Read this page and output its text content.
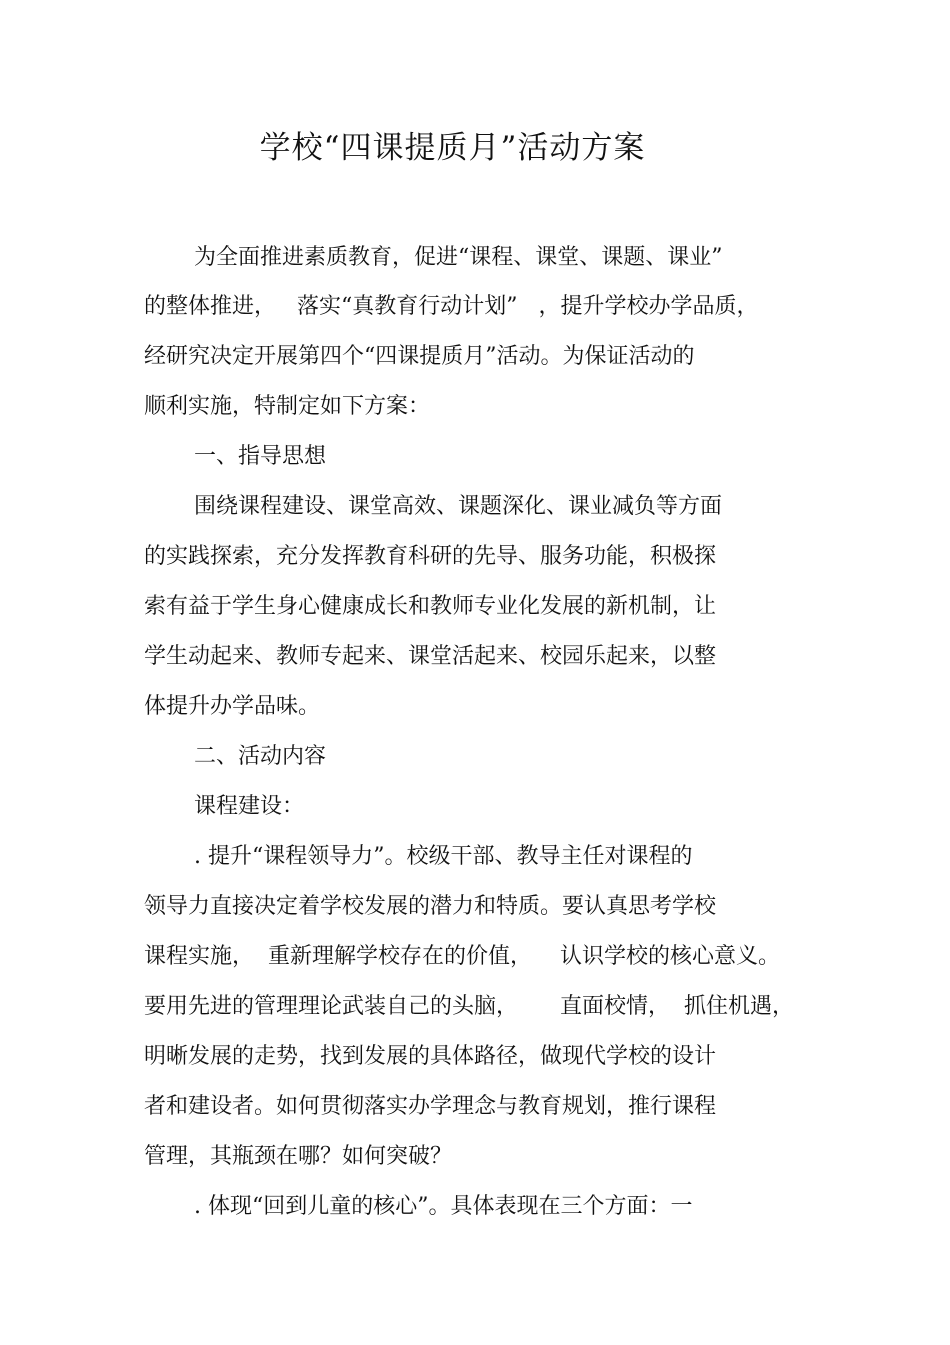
学校“四课提质月”活动方案
为全面推进素质教育，促进“课程、课堂、课题、课业”
的整体推进，   落实“真教育行动计划”   ，提升学校办学品质，
经研究决定开展第四个“四课提质月”活动。为保证活动的
顺利实施，特制定如下方案：
一、指导思想
围绕课程建设、课堂高效、课题深化、课业减负等方面
的实践探索，充分发挥教育科研的先导、服务功能，积极探
索有益于学生身心健康成长和教师专业化发展的新机制，让
学生动起来、教师专起来、课堂活起来、校园乐起来，以整
体提升办学品味。
二、活动内容
课程建设：
. 提升“课程领导力”。校级干部、教导主任对课程的
领导力直接决定着学校发展的潜力和特质。要认真思考学校
课程实施，  重新理解学校存在的价值，    认识学校的核心意义。
要用先进的管理理论武装自己的头脑，      直面校情，  抓住机遇，
明晰发展的走势，找到发展的具体路径，做现代学校的设计
者和建设者。如何贯彻落实办学理念与教育规划，推行课程
管理，其瓶颈在哪？如何突破？
. 体现“回到儿童的核心”。具体表现在三个方面：一
